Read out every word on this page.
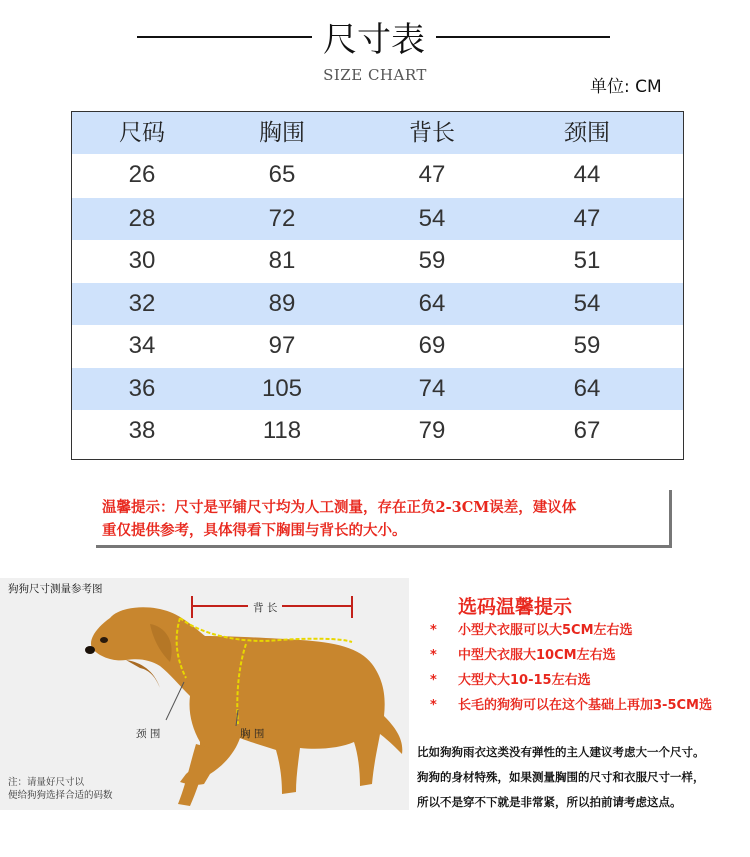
尺寸表
SIZE CHART
单位: CM
尺码	胸围	背长	颈围
26	65	47	44
28	72	54	47
30	81	59	51
32	89	64	54
34	97	69	59
36	105	74	64
38	118	79	67
温馨提示：尺寸是平铺尺寸均为人工测量，存在正负2-3CM误差，建议体
重仅提供参考，具体得看下胸围与背长的大小。
狗狗尺寸测量参考图
背 长
颈 围	胸 围
注：请量好尺寸以
便给狗狗选择合适的码数
选码温馨提示
*	小型犬衣服可以大5CM左右选
*	中型犬衣服大10CM左右选
*	大型犬大10-15左右选
*	长毛的狗狗可以在这个基础上再加3-5CM选
比如狗狗雨衣这类没有弹性的主人建议考虑大一个尺寸。
狗狗的身材特殊，如果测量胸围的尺寸和衣服尺寸一样，
所以不是穿不下就是非常紧，所以拍前请考虑这点。
